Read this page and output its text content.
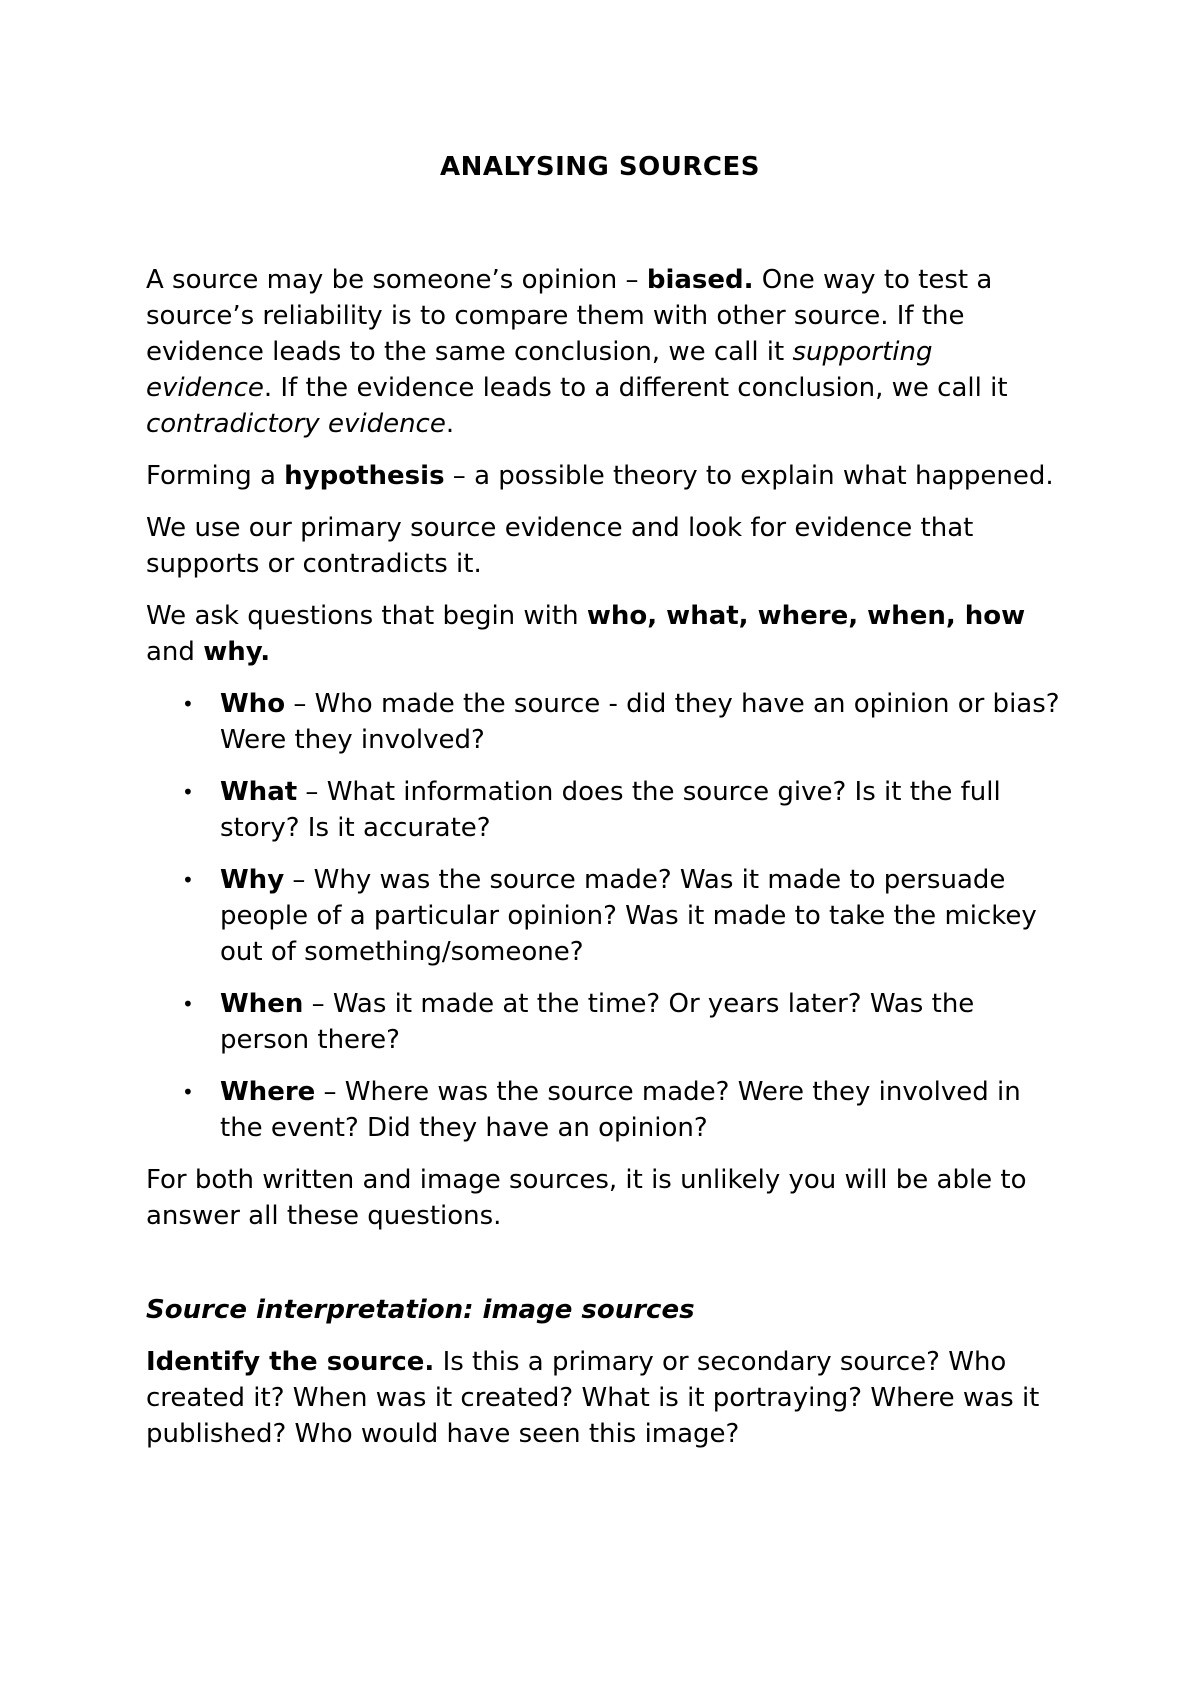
ANALYSING SOURCES

A source may be someone’s opinion – biased. One way to test a source’s reliability is to compare them with other source. If the evidence leads to the same conclusion, we call it supporting evidence. If the evidence leads to a different conclusion, we call it contradictory evidence.

Forming a hypothesis – a possible theory to explain what happened.

We use our primary source evidence and look for evidence that supports or contradicts it.

We ask questions that begin with who, what, where, when, how and why.

• Who – Who made the source - did they have an opinion or bias? Were they involved?
• What – What information does the source give? Is it the full story? Is it accurate?
• Why – Why was the source made? Was it made to persuade people of a particular opinion? Was it made to take the mickey out of something/someone?
• When – Was it made at the time? Or years later? Was the person there?
• Where – Where was the source made? Were they involved in the event? Did they have an opinion?

For both written and image sources, it is unlikely you will be able to answer all these questions.

Source interpretation: image sources

Identify the source. Is this a primary or secondary source? Who created it? When was it created? What is it portraying? Where was it published? Who would have seen this image?
